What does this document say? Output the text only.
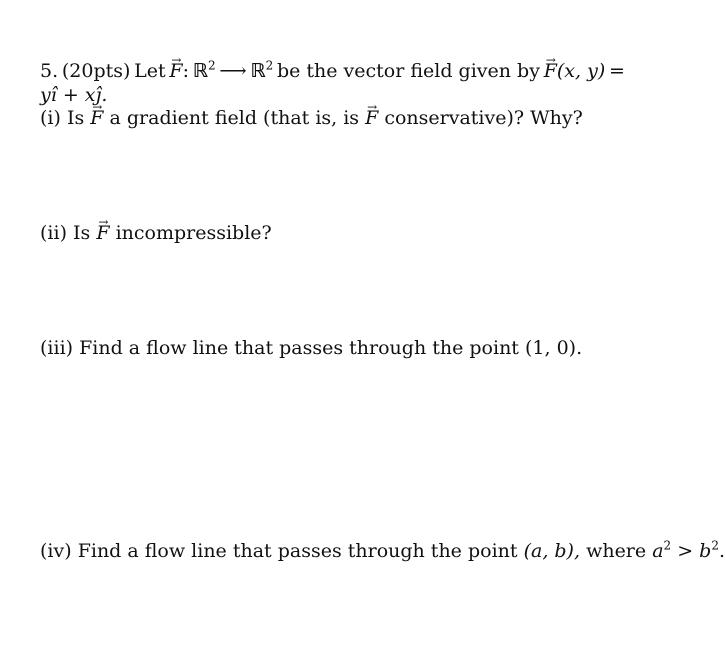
5. (20pts) Let → F: ℝ$^2$ ⟶ ℝ$^2$ be the vector field given by → F(x, y) =
yî + xĵ.
(i) Is → F a gradient field (that is, is → F conservative)? Why?
(ii) Is → F incompressible?
(iii) Find a flow line that passes through the point (1, 0).
(iv) Find a flow line that passes through the point (a, b), where $a^2 > b^2$.
